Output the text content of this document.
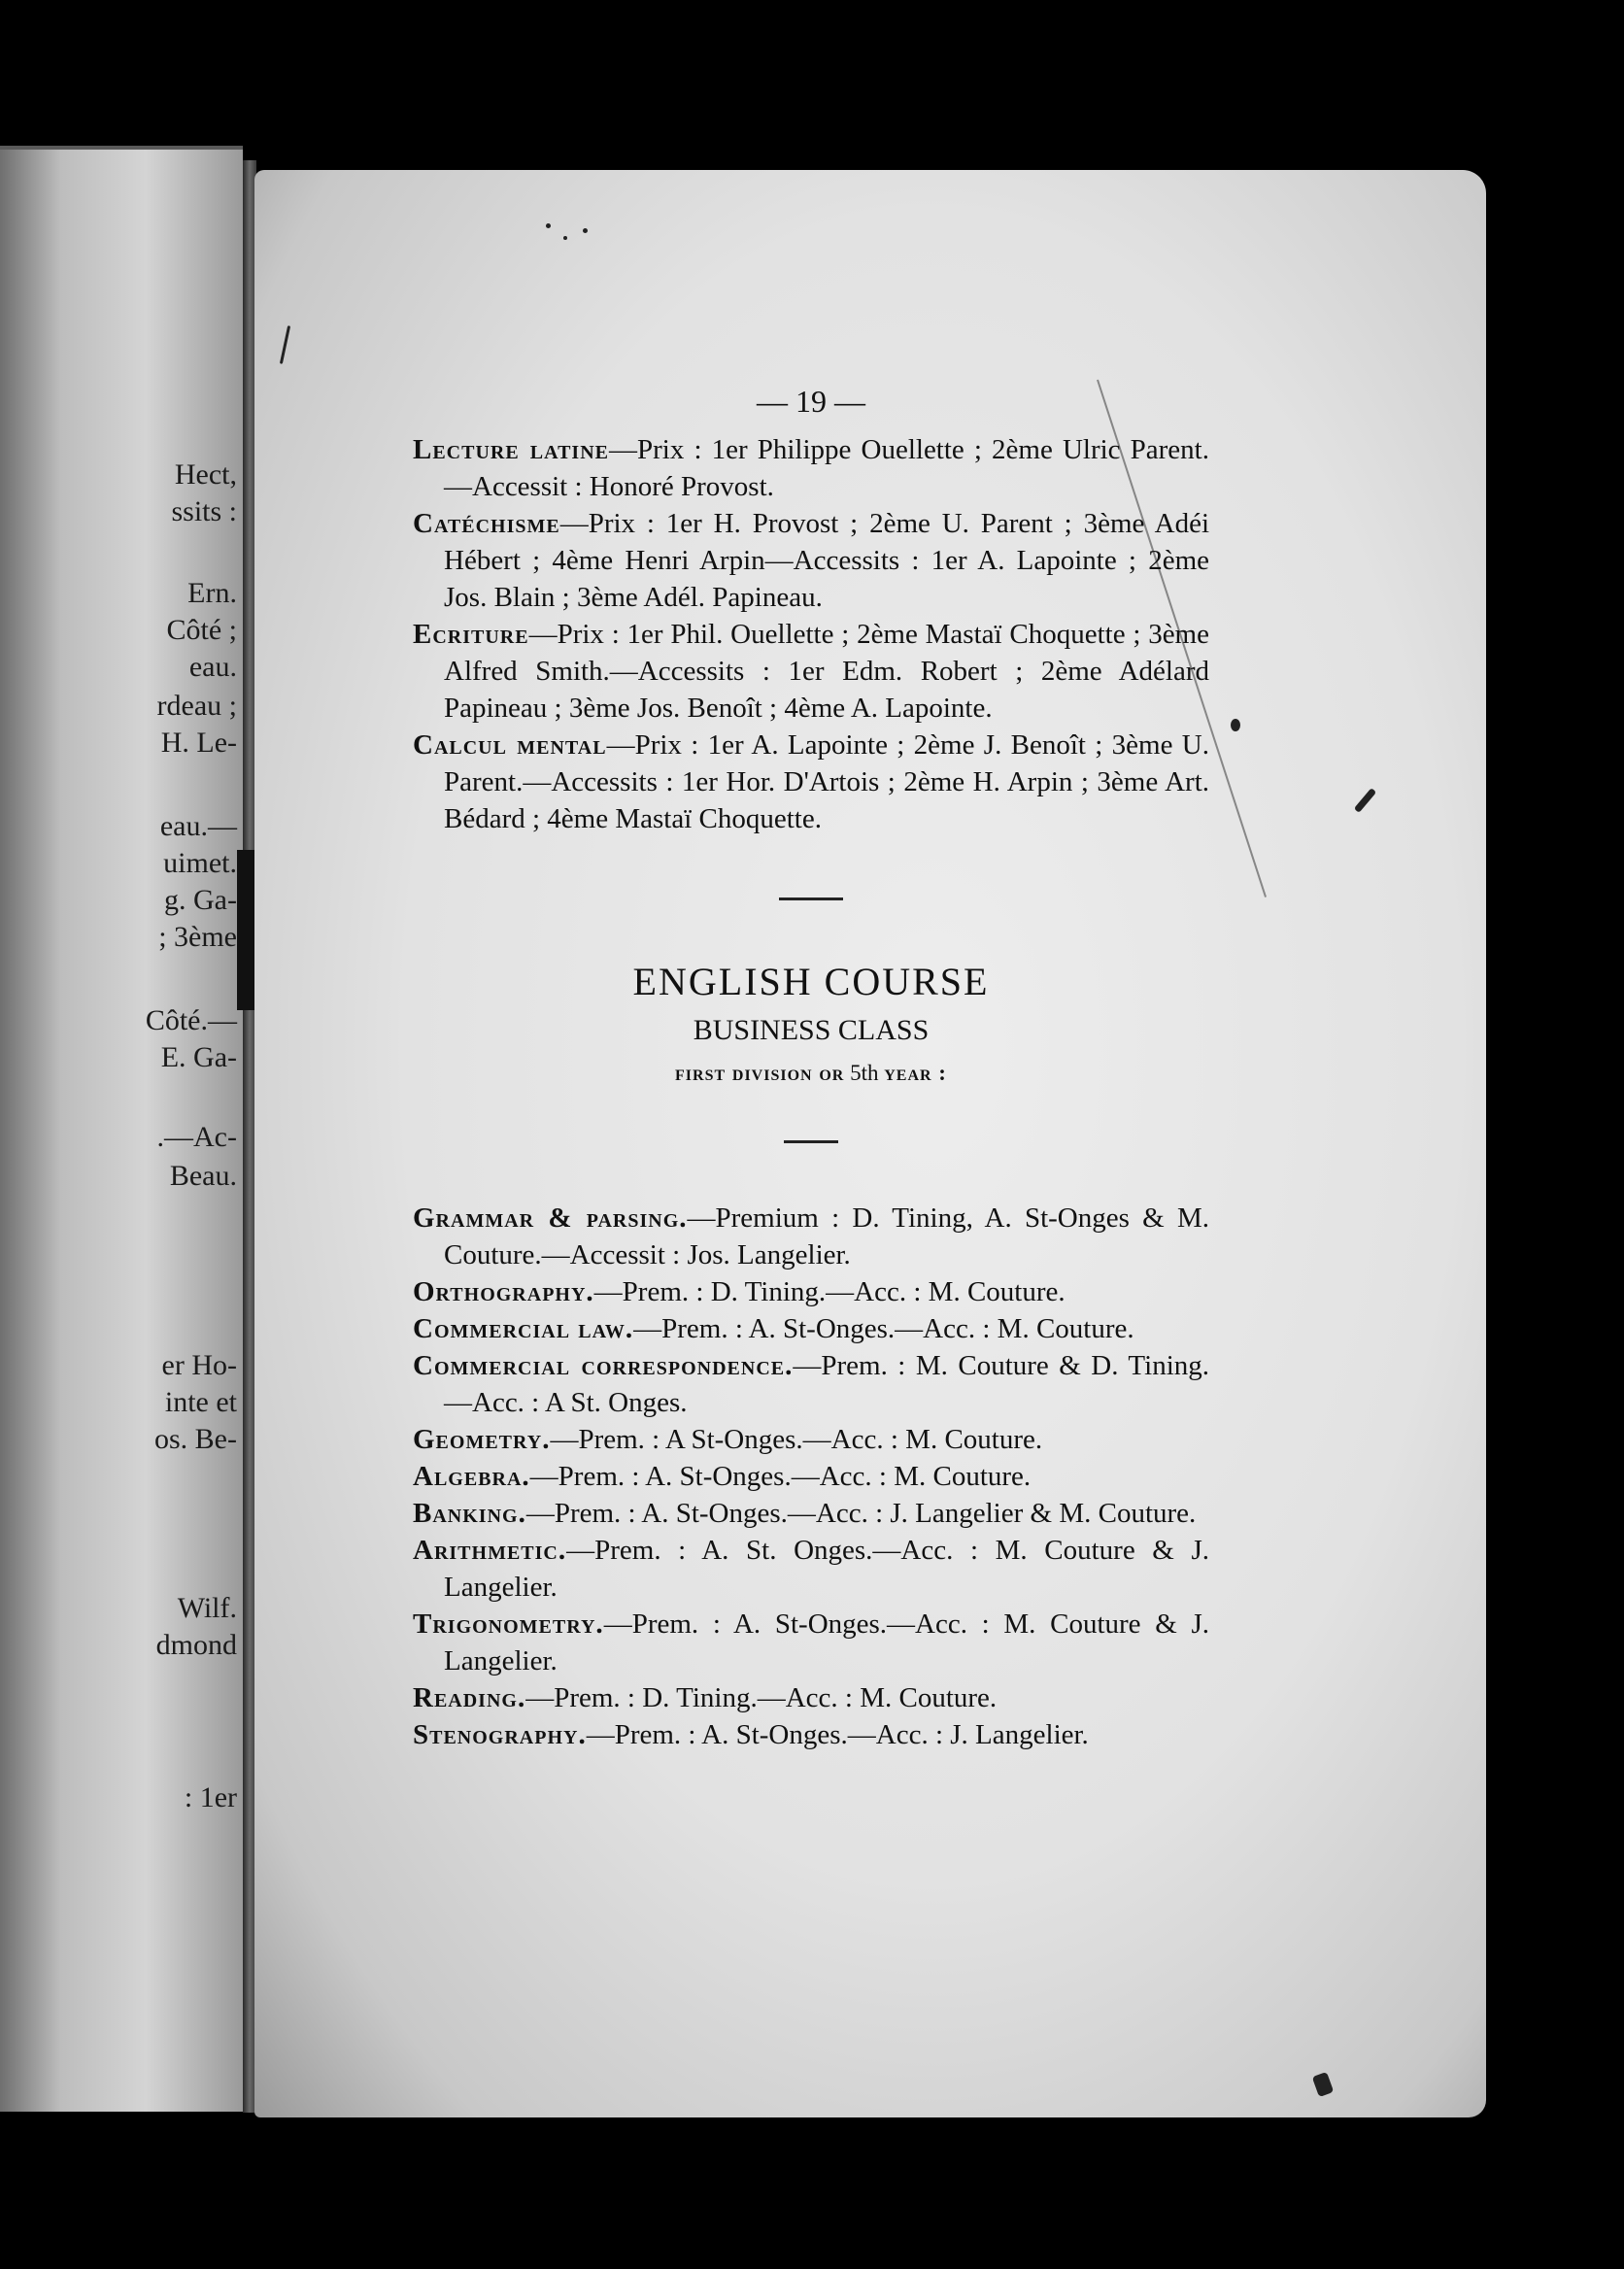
Hect,
ssits :
Ern.
Côté ;
eau.
rdeau ;
H. Le-
eau.—
uimet.
g. Ga-
; 3ème
Côté.—
E. Ga-
.—Ac-
Beau.
er Ho-
inte et
os. Be-
Wilf.
dmond
: 1er
— 19 —

Lecture latine—Prix : 1er Philippe Ouellette ; 2ème Ulric Parent.—Accessit : Honoré Provost.

Catéchisme—Prix : 1er H. Provost ; 2ème U. Parent ; 3ème Adéi Hébert ; 4ème Henri Arpin—Accessits : 1er A. Lapointe ; 2ème Jos. Blain ; 3ème Adél. Papineau.

Ecriture—Prix : 1er Phil. Ouellette ; 2ème Mastaï Choquette ; 3ème Alfred Smith.—Accessits : 1er Edm. Robert ; 2ème Adélard Papineau ; 3ème Jos. Benoît ; 4ème A. Lapointe.

Calcul mental—Prix : 1er A. Lapointe ; 2ème J. Benoît ; 3ème U. Parent.—Accessits : 1er Hor. D'Artois ; 2ème H. Arpin ; 3ème Art. Bédard ; 4ème Mastaï Choquette.

ENGLISH COURSE
BUSINESS CLASS
first division or 5th year :

Grammar & parsing.—Premium : D. Tining, A. St-Onges & M. Couture.—Accessit : Jos. Langelier.

Orthography.—Prem. : D. Tining.—Acc. : M. Couture.

Commercial law.—Prem. : A. St-Onges.—Acc. : M. Couture.

Commercial correspondence.—Prem. : M. Couture & D. Tining.—Acc. : A St. Onges.

Geometry.—Prem. : A St-Onges.—Acc. : M. Couture.

Algebra.—Prem. : A. St-Onges.—Acc. : M. Couture.

Banking.—Prem. : A. St-Onges.—Acc. : J. Langelier & M. Couture.

Arithmetic.—Prem. : A. St. Onges.—Acc. : M. Couture & J. Langelier.

Trigonometry.—Prem. : A. St-Onges.—Acc. : M. Couture & J. Langelier.

Reading.—Prem. : D. Tining.—Acc. : M. Couture.

Stenography.—Prem. : A. St-Onges.—Acc. : J. Langelier.
